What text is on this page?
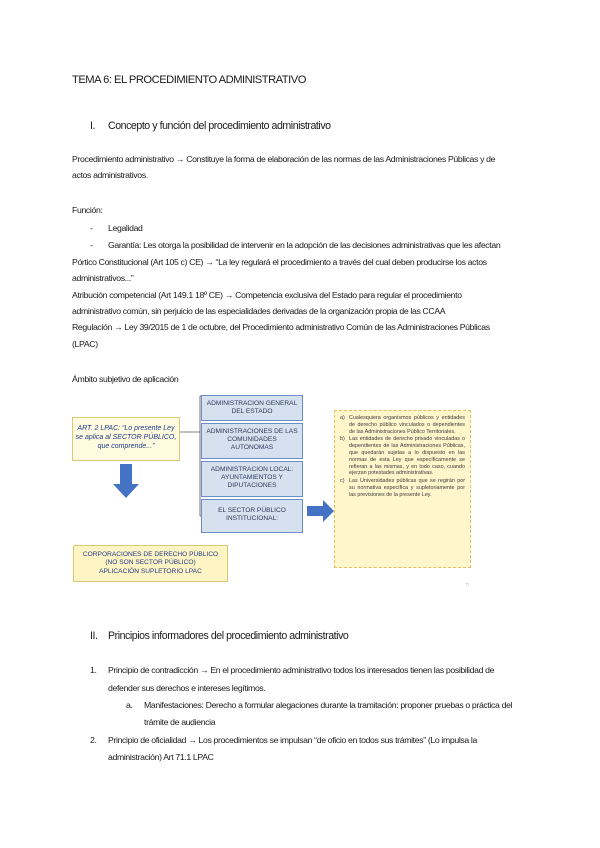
TEMA 6: EL PROCEDIMIENTO ADMINISTRATIVO
I. Concepto y función del procedimiento administrativo
Procedimiento administrativo → Constituye la forma de elaboración de las normas de las Administraciones Públicas y de
actos administrativos.
Función:
- Legalidad
- Garantía: Les otorga la posibilidad de intervenir en la adopción de las decisiones administrativas que les afectan
Pórtico Constitucional (Art 105 c) CE) → “La ley regulará el procedimiento a través del cual deben producirse los actos
administrativos...”
Atribución competencial (Art 149.1 18º CE) → Competencia exclusiva del Estado para regular el procedimiento
administrativo común, sin perjuicio de las especialidades derivadas de la organización propia de las CCAA
Regulación → Ley 39/2015 de 1 de octubre, del Procedimiento administrativo Común de las Administraciones Públicas
(LPAC)
Ámbito subjetivo de aplicación
ART. 2 LPAC: “Lo presente Ley
se aplica al SECTOR PÚBLICO,
que comprende...”
ADMINISTRACION GENERAL
DEL ESTADO
ADMINISTRACIONES DE LAS
COMUNIDADES
AUTONOMAS
ADMINISTRACION LOCAL:
AYUNTAMIENTOS Y
DIPUTACIONES
EL SECTOR PÚBLICO
INSTITUCIONAL:
CORPORACIONES DE DERECHO PÚBLICO
(NO SON SECTOR PÚBLICO)
APLICACIÓN SUPLETORIO LPAC
a) Cualesquiera organismos públicos y entidades de derecho público vinculados o dependientes de las Administraciones Público Territoriales.
b) Las entidades de derecho privado vinculadas o dependientes de las Administraciones Públicas, que quedarán sujetas a lo dispuesto en las normas de esta Ley que específicamente se refieran a las mismas, y en todo caso, cuando ejerzan potestades administrativas.
c) Las Universidades públicas que se regirán por su normativa específica y supletoriamente por las previsiones de la presente Ley.
□
II. Principios informadores del procedimiento administrativo
1. Principio de contradicción → En el procedimiento administrativo todos los interesados tienen las posibilidad de
defender sus derechos e intereses legítimos.
a. Manifestaciones: Derecho a formular alegaciones durante la tramitación: proponer pruebas o práctica del
trámite de audiencia
2. Principio de oficialidad → Los procedimientos se impulsan “de oficio en todos sus trámites” (Lo impulsa la
administración) Art 71.1 LPAC
